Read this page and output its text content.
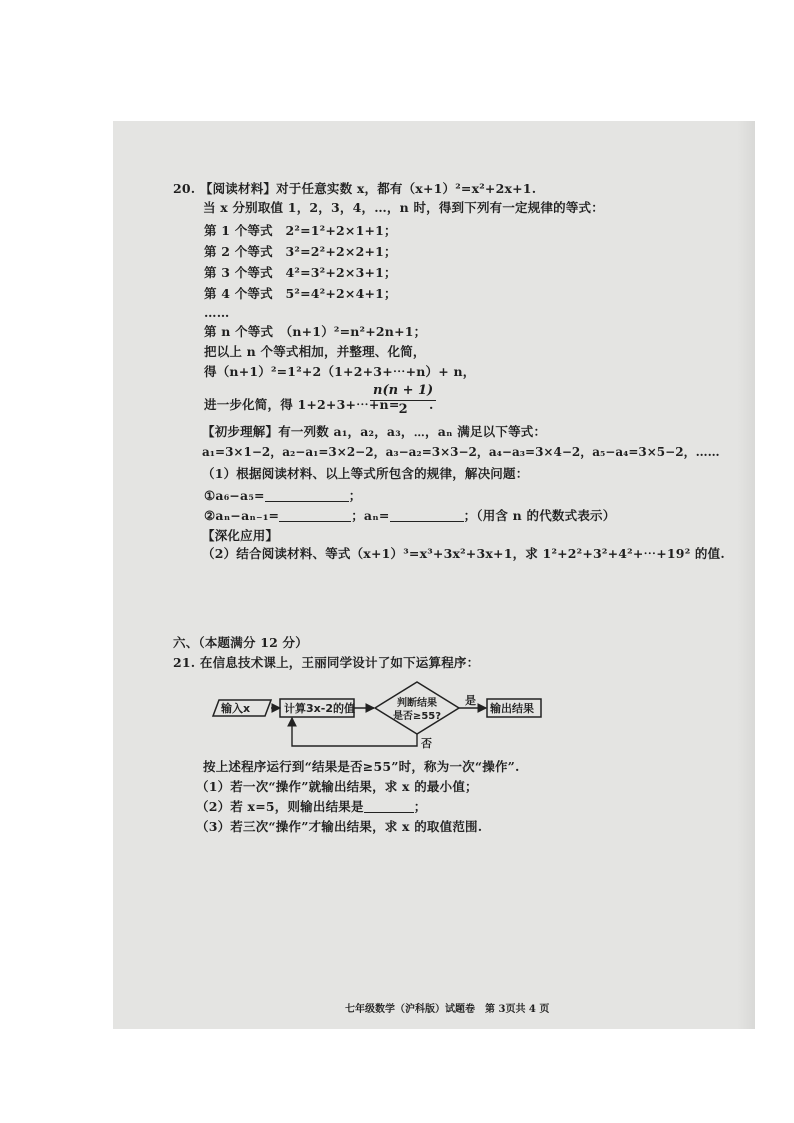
20. 【阅读材料】对于任意实数 x，都有（x+1）²=x²+2x+1.
当 x 分别取值 1，2，3，4，…，n 时，得到下列有一定规律的等式：
第 1 个等式　2²=1²+2×1+1；
第 2 个等式　3²=2²+2×2+1；
第 3 个等式　4²=3²+2×3+1；
第 4 个等式　5²=4²+2×4+1；
……
第 n 个等式　（n+1）²=n²+2n+1；
把以上 n 个等式相加，并整理、化简，
得（n+1）²=1²+2（1+2+3+⋯+n）+ n，
进一步化简，得 1+2+3+⋯+n=
$\frac{n(n + 1)}{2}$
.
【初步理解】有一列数 a₁，a₂，a₃，⋯，aₙ 满足以下等式：
a₁=3×1−2，a₂−a₁=3×2−2，a₃−a₂=3×3−2，a₄−a₃=3×4−2，a₅−a₄=3×5−2，……
（1）根据阅读材料、以上等式所包含的规律，解决问题：
①a₆−a₅=	；
②aₙ−aₙ₋₁=	；aₙ=	；（用含 n 的代数式表示）
【深化应用】
（2）结合阅读材料、等式（x+1）³=x³+3x²+3x+1，求 1²+2²+3²+4²+⋯+19² 的值.
六、（本题满分 12 分）
21. 在信息技术课上，王丽同学设计了如下运算程序：
输入x	计算3x-2的值	判断结果
是否≥55?
是
输出结果
否
按上述程序运行到“结果是否≥55”时，称为一次“操作”.
（1）若一次“操作”就输出结果，求 x 的最小值；
（2）若 x=5，则输出结果是	；
（3）若三次“操作”才输出结果，求 x 的取值范围.
七年级数学（沪科版）试题卷　第 3页共 4 页
